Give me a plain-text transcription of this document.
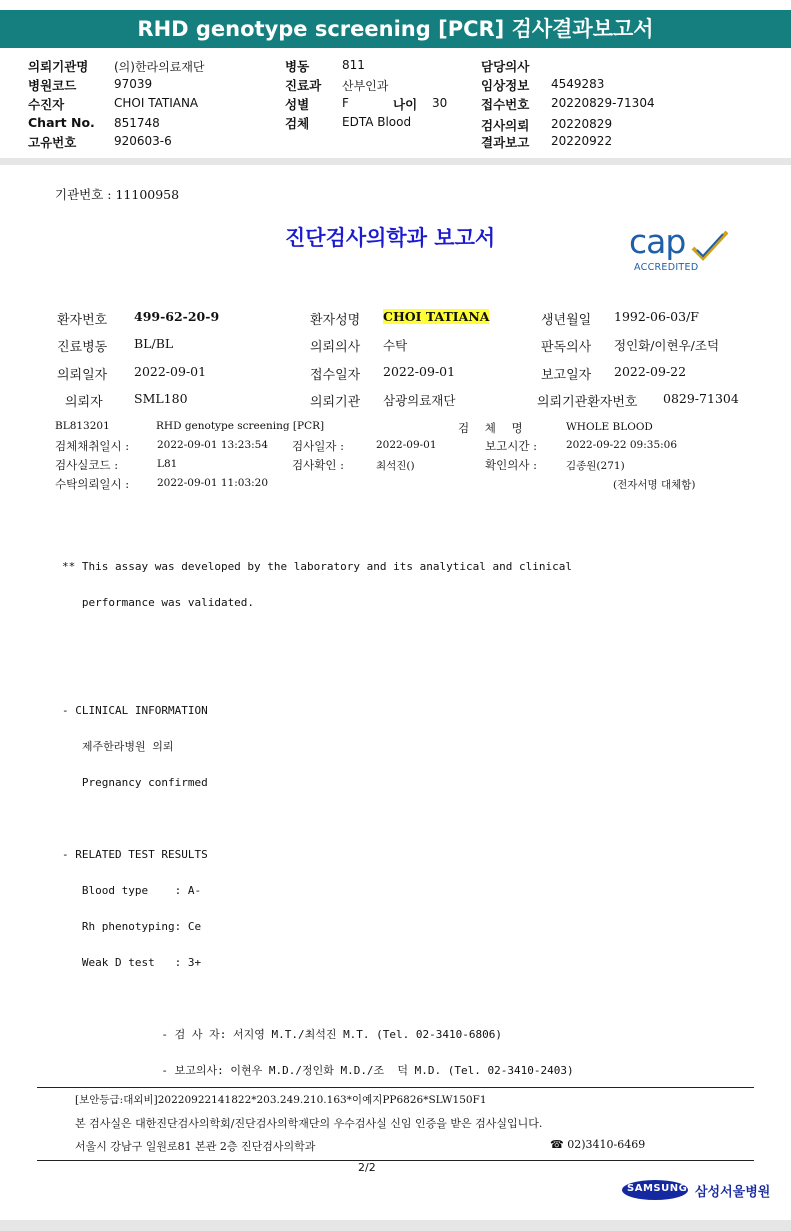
RHD genotype screening [PCR] 검사결과보고서
의뢰기관명 (의)한라의료재단
병원코드	97039
수진자	CHOI TATIANA
Chart No. 851748
고유번호	920603-6
병동	811
진료과 산부인과
성별	F	나이 30
검체	EDTA Blood
담당의사
임상정보 4549283
접수번호 20220829-71304
검사의뢰 20220829
결과보고 20220922
기관번호 : 11100958
진단검사의학과 보고서	cap
ACCREDITED
환자번호 499-62-20-9	환자성명 CHOI TATIANA	생년월일 1992-06-03/F
진료병동 BL/BL	의뢰의사 수탁	판독의사 정인화/이현우/조덕
의뢰일자 2022-09-01	접수일자 2022-09-01	보고일자 2022-09-22
의뢰자	SML180	의뢰기관 삼광의료재단	의뢰기관환자번호 0829-71304
BL813201	RHD genotype screening [PCR]	검 체 명	WHOLE BLOOD
검체채취일시 :	2022-09-01 13:23:54 검사일자 :	2022-09-01	보고시간 :	2022-09-22 09:35:06
검사실코드 :	L81	검사확인 :	최석진()	확인의사 :	김종원(271)
수탁의뢰일시 :	2022-09-01 11:03:20	(전자서명 대체함)

** This assay was developed by the laboratory and its analytical and clinical

performance was validated.

- CLINICAL INFORMATION

제주한라병원 의뢰

Pregnancy confirmed

- RELATED TEST RESULTS

Blood type    : A-

Rh phenotyping: Ce

Weak D test   : 3+

- 검 사 자: 서지영 M.T./최석진 M.T. (Tel. 02-3410-6806)

- 보고의사: 이현우 M.D./정인화 M.D./조  덕 M.D. (Tel. 02-3410-2403)

[보안등급:대외비]20220922141822*203.249.210.163*이예지PP6826*SLW150F1
본 검사실은 대한진단검사의학회/진단검사의학재단의 우수검사실 신임 인증을 받은 검사실입니다.
서울시 강남구 일원로81 본관 2층 진단검사의학과	☎ 02)3410-6469
2/2
SAMSUNG 삼성서울병원
